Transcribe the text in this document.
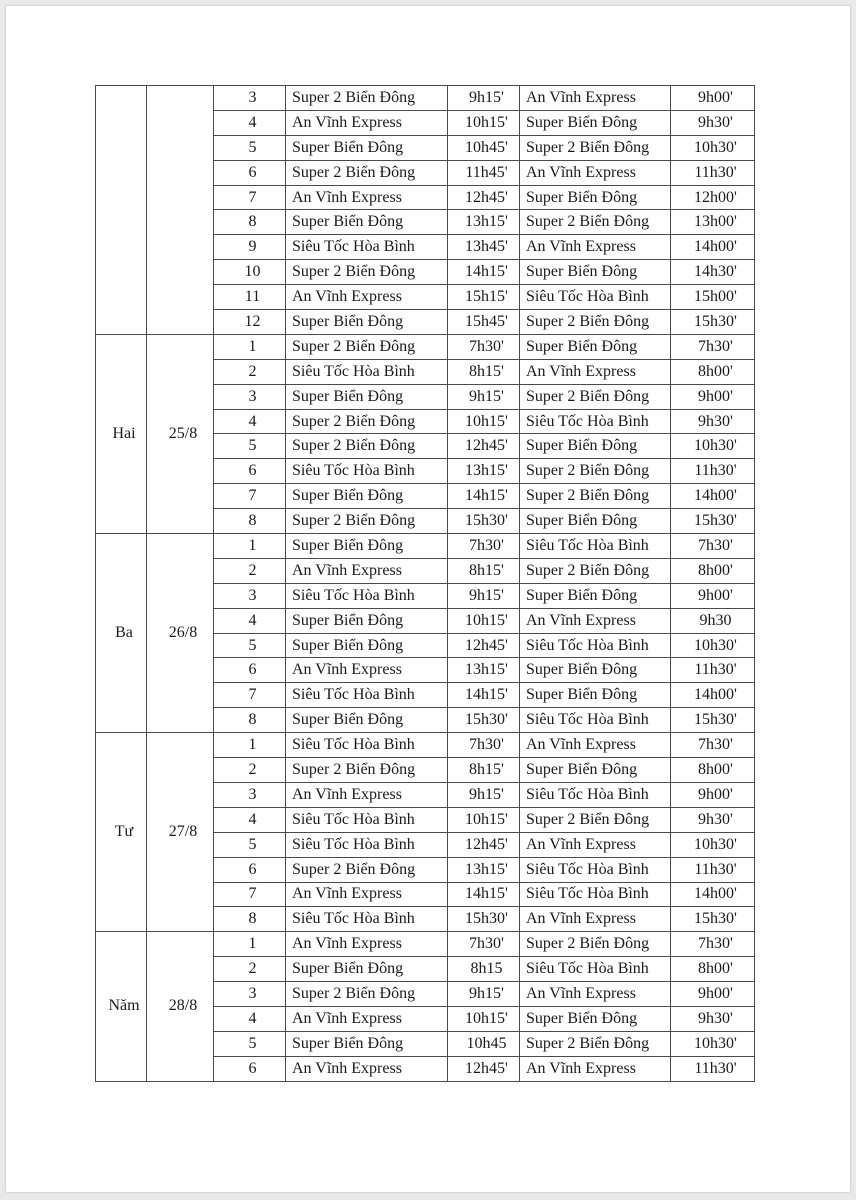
		3	Super 2 Biển Đông	9h15'	An Vĩnh Express	9h00'
		4	An Vĩnh Express	10h15'	Super Biển Đông	9h30'
		5	Super Biển Đông	10h45'	Super 2 Biển Đông	10h30'
		6	Super 2 Biển Đông	11h45'	An Vĩnh Express	11h30'
		7	An Vĩnh Express	12h45'	Super Biển Đông	12h00'
		8	Super Biển Đông	13h15'	Super 2 Biển Đông	13h00'
		9	Siêu Tốc Hòa Bình	13h45'	An Vĩnh Express	14h00'
		10	Super 2 Biển Đông	14h15'	Super Biển Đông	14h30'
		11	An Vĩnh Express	15h15'	Siêu Tốc Hòa Bình	15h00'
		12	Super Biển Đông	15h45'	Super 2 Biển Đông	15h30'
Hai	25/8	1	Super 2 Biển Đông	7h30'	Super Biển Đông	7h30'
		2	Siêu Tốc Hòa Bình	8h15'	An Vĩnh Express	8h00'
		3	Super Biển Đông	9h15'	Super 2 Biển Đông	9h00'
		4	Super 2 Biển Đông	10h15'	Siêu Tốc Hòa Bình	9h30'
		5	Super 2 Biển Đông	12h45'	Super Biển Đông	10h30'
		6	Siêu Tốc Hòa Bình	13h15'	Super 2 Biển Đông	11h30'
		7	Super Biển Đông	14h15'	Super 2 Biển Đông	14h00'
		8	Super 2 Biển Đông	15h30'	Super Biển Đông	15h30'
Ba	26/8	1	Super Biển Đông	7h30'	Siêu Tốc Hòa Bình	7h30'
		2	An Vĩnh Express	8h15'	Super 2 Biển Đông	8h00'
		3	Siêu Tốc Hòa Bình	9h15'	Super Biển Đông	9h00'
		4	Super Biển Đông	10h15'	An Vĩnh Express	9h30
		5	Super Biển Đông	12h45'	Siêu Tốc Hòa Bình	10h30'
		6	An Vĩnh Express	13h15'	Super Biển Đông	11h30'
		7	Siêu Tốc Hòa Bình	14h15'	Super Biển Đông	14h00'
		8	Super Biển Đông	15h30'	Siêu Tốc Hòa Bình	15h30'
Tư	27/8	1	Siêu Tốc Hòa Bình	7h30'	An Vĩnh Express	7h30'
		2	Super 2 Biển Đông	8h15'	Super Biển Đông	8h00'
		3	An Vĩnh Express	9h15'	Siêu Tốc Hòa Bình	9h00'
		4	Siêu Tốc Hòa Bình	10h15'	Super 2 Biển Đông	9h30'
		5	Siêu Tốc Hòa Bình	12h45'	An Vĩnh Express	10h30'
		6	Super 2 Biển Đông	13h15'	Siêu Tốc Hòa Bình	11h30'
		7	An Vĩnh Express	14h15'	Siêu Tốc Hòa Bình	14h00'
		8	Siêu Tốc Hòa Bình	15h30'	An Vĩnh Express	15h30'
Năm	28/8	1	An Vĩnh Express	7h30'	Super 2 Biển Đông	7h30'
		2	Super Biển Đông	8h15	Siêu Tốc Hòa Bình	8h00'
		3	Super 2 Biển Đông	9h15'	An Vĩnh Express	9h00'
		4	An Vĩnh Express	10h15'	Super Biển Đông	9h30'
		5	Super Biển Đông	10h45	Super 2 Biển Đông	10h30'
		6	An Vĩnh Express	12h45'	An Vĩnh Express	11h30'
